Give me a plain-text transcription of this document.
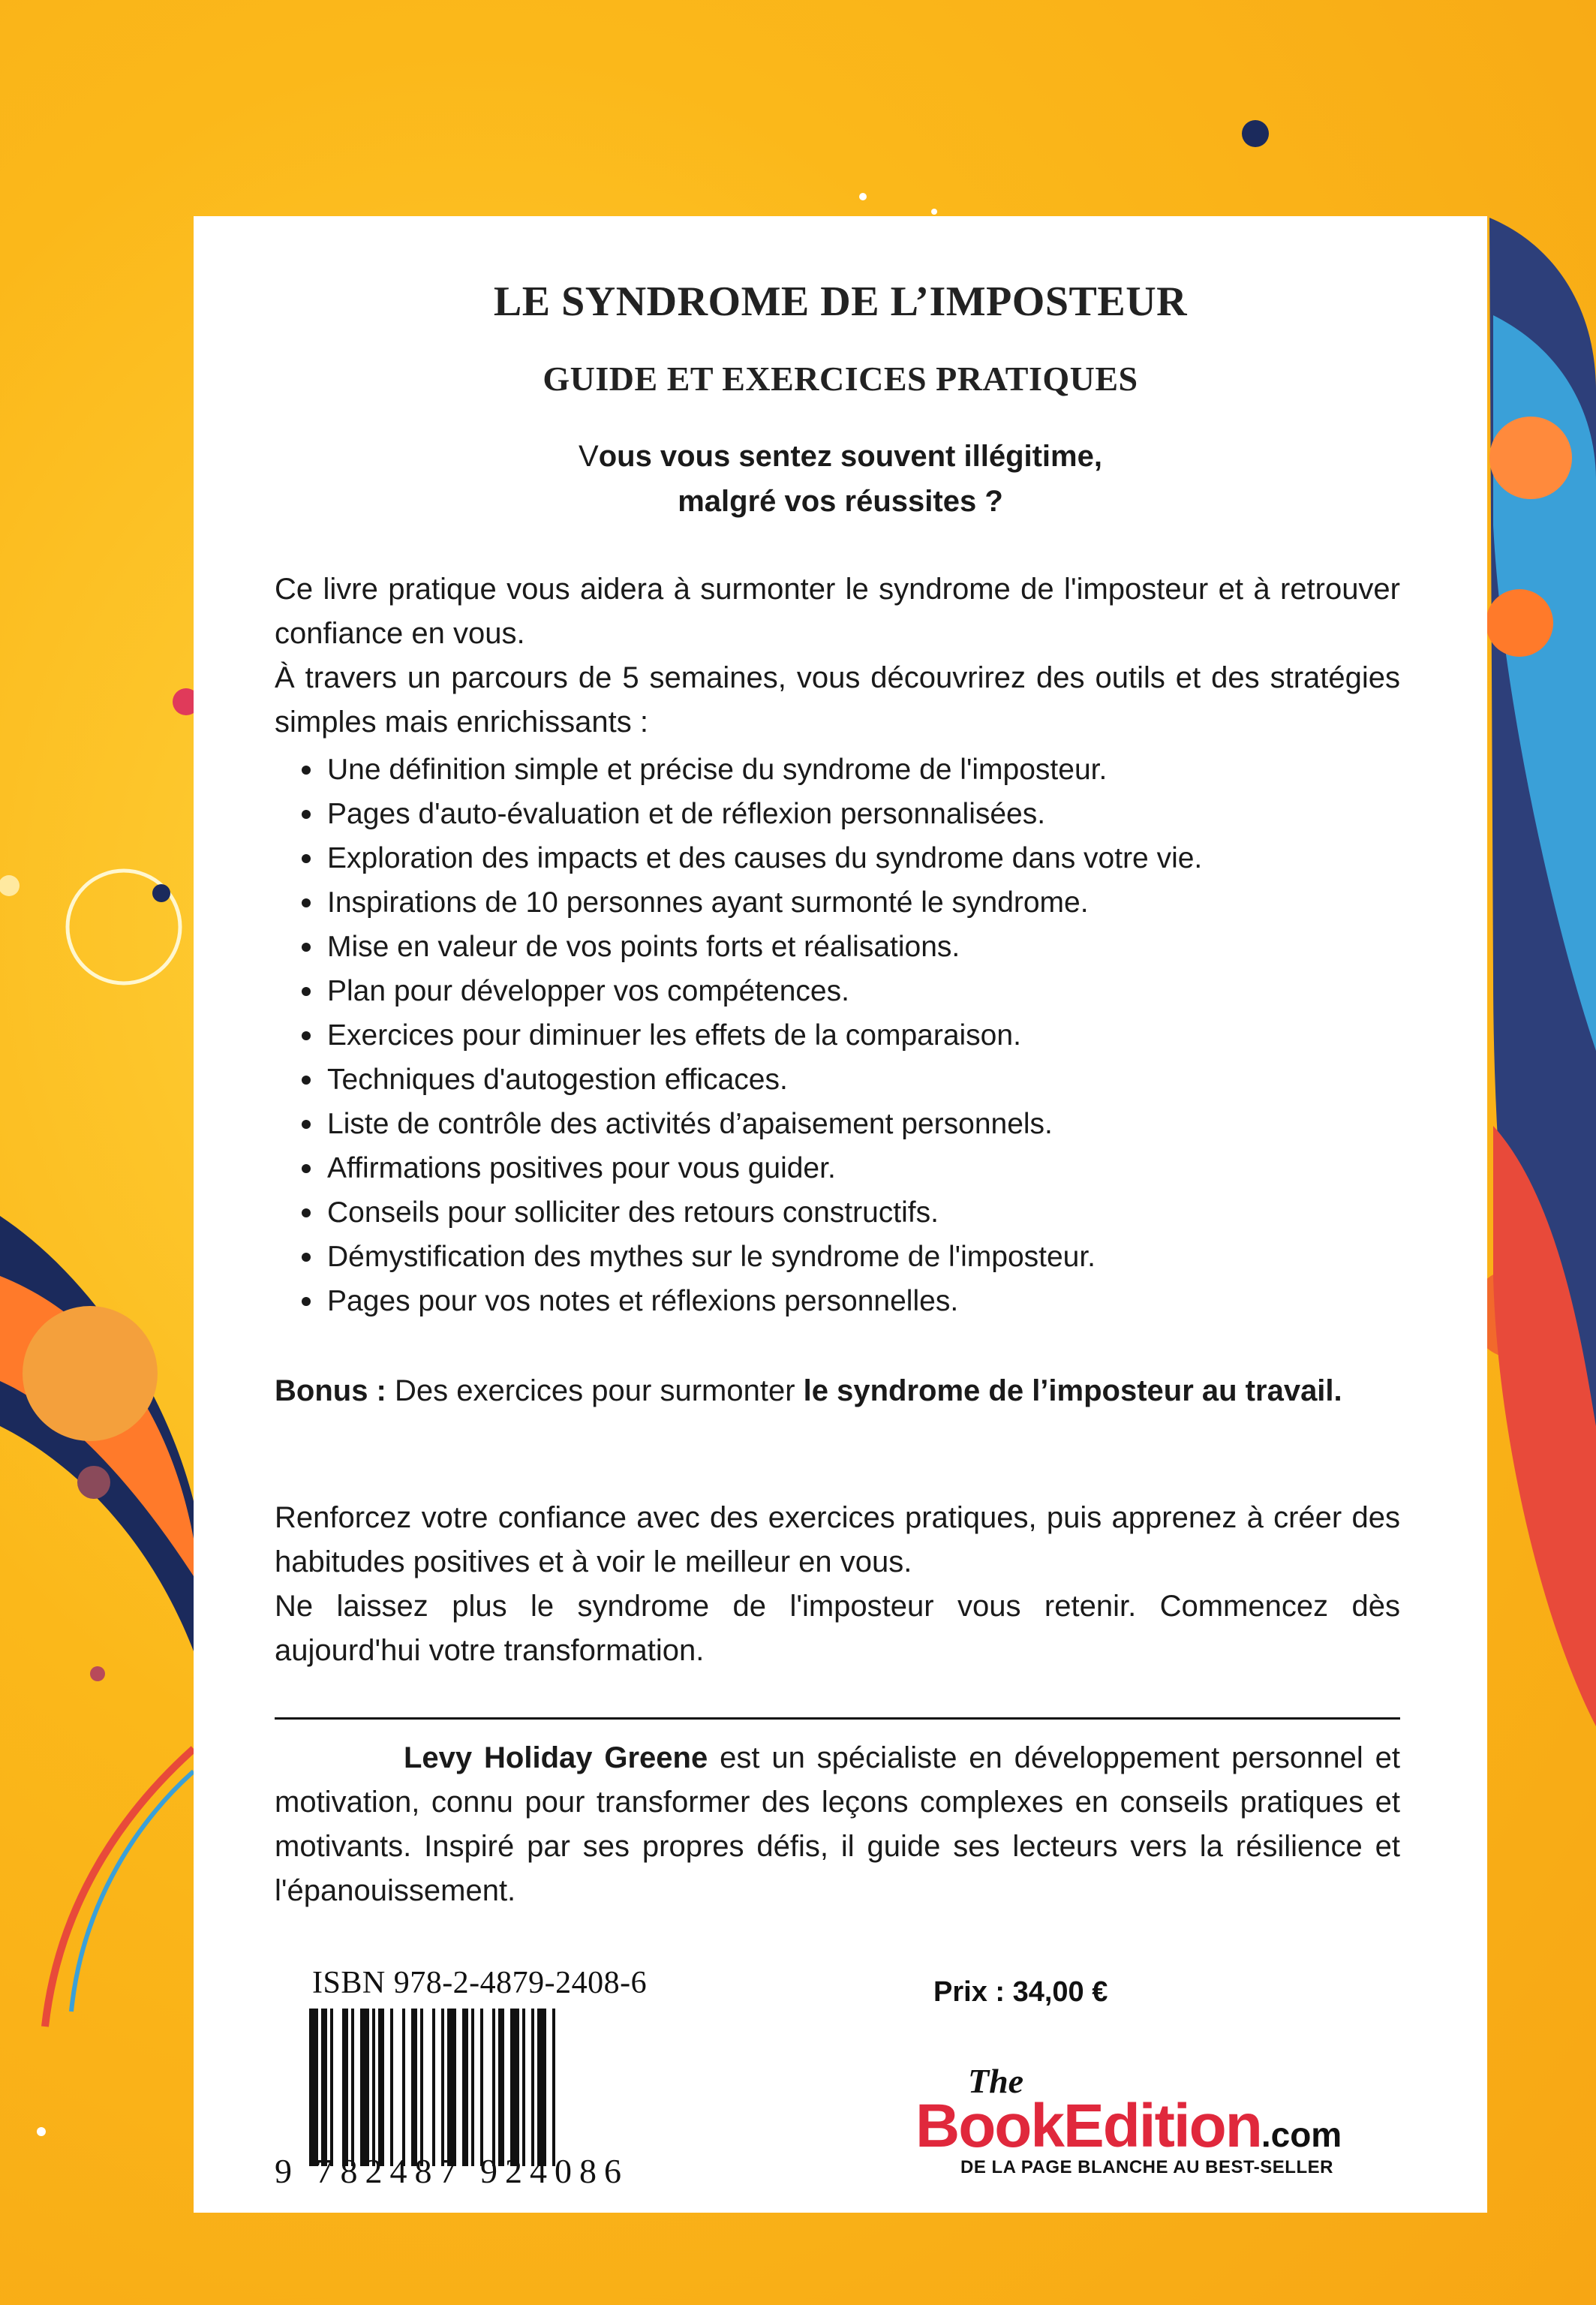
LE SYNDROME DE L’IMPOSTEUR
GUIDE ET EXERCICES PRATIQUES
Vous vous sentez souvent illégitime,
malgré vos réussites ?
Ce livre pratique vous aidera à surmonter le syndrome de l'imposteur et à retrouver confiance en vous.
À travers un parcours de 5 semaines, vous découvrirez des outils et des stratégies simples mais enrichissants :
Une définition simple et précise du syndrome de l'imposteur.
Pages d'auto-évaluation et de réflexion personnalisées.
Exploration des impacts et des causes du syndrome dans votre vie.
Inspirations de 10 personnes ayant surmonté le syndrome.
Mise en valeur de vos points forts et réalisations.
Plan pour développer vos compétences.
Exercices pour diminuer les effets de la comparaison.
Techniques d'autogestion efficaces.
Liste de contrôle des activités d’apaisement personnels.
Affirmations positives pour vous guider.
Conseils pour solliciter des retours constructifs.
Démystification des mythes sur le syndrome de l'imposteur.
Pages pour vos notes et réflexions personnelles.
Bonus : Des exercices pour surmonter le syndrome de l’imposteur au travail.
Renforcez votre confiance avec des exercices pratiques, puis apprenez à créer des habitudes positives et à voir le meilleur en vous.
Ne laissez plus le syndrome de l'imposteur vous retenir. Commencez dès aujourd'hui votre transformation.
Levy Holiday Greene est un spécialiste en développement personnel et motivation, connu pour transformer des leçons complexes en conseils pratiques et motivants. Inspiré par ses propres défis, il guide ses lecteurs vers la résilience et l'épanouissement.
ISBN 978-2-4879-2408-6
9 782487 924086
Prix : 34,00 €
The
BookEdition.com
DE LA PAGE BLANCHE AU BEST-SELLER
